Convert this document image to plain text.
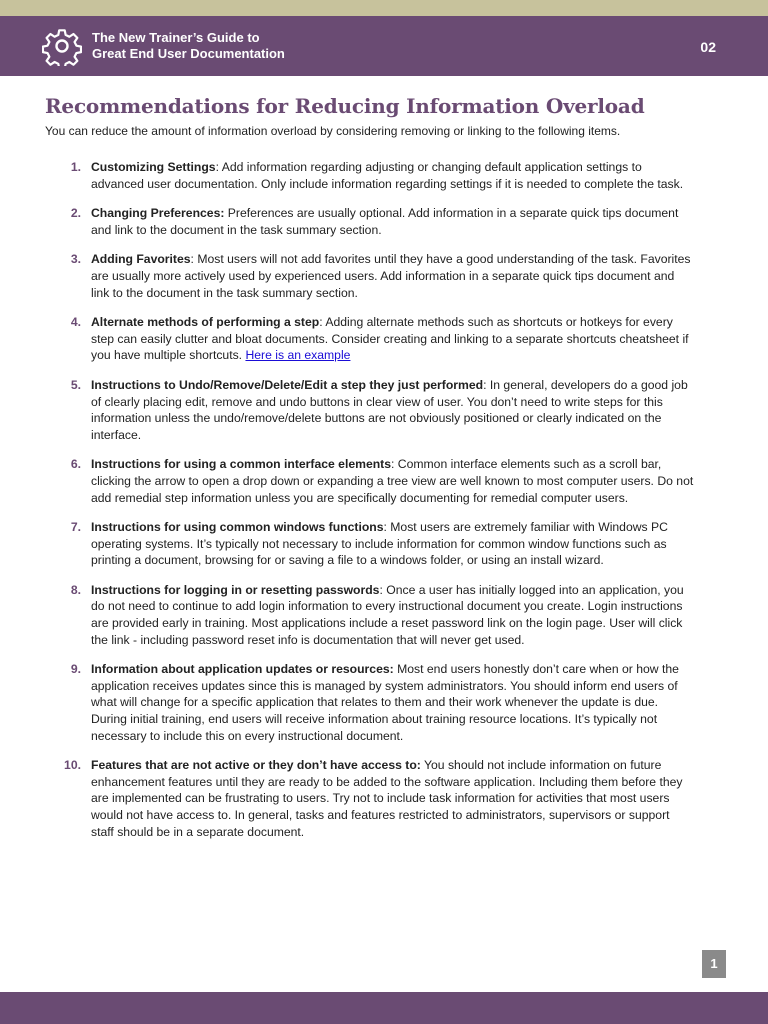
The New Trainer’s Guide to
Great End User Documentation	02
Recommendations for Reducing Information Overload

You can reduce the amount of information overload by considering removing or linking to the following items.

1. Customizing Settings: Add information regarding adjusting or changing default application settings to advanced user documentation. Only include information regarding settings if it is needed to complete the task.
2. Changing Preferences: Preferences are usually optional. Add information in a separate quick tips document and link to the document in the task summary section.
3. Adding Favorites: Most users will not add favorites until they have a good understanding of the task. Favorites are usually more actively used by experienced users. Add information in a separate quick tips document and link to the document in the task summary section.
4. Alternate methods of performing a step: Adding alternate methods such as shortcuts or hotkeys for every step can easily clutter and bloat documents. Consider creating and linking to a separate shortcuts cheatsheet if you have multiple shortcuts. Here is an example
5. Instructions to Undo/Remove/Delete/Edit a step they just performed: In general, developers do a good job of clearly placing edit, remove and undo buttons in clear view of user. You don’t need to write steps for this information unless the undo/remove/delete buttons are not obviously positioned or clearly indicated on the interface.
6. Instructions for using a common interface elements: Common interface elements such as a scroll bar, clicking the arrow to open a drop down or expanding a tree view are well known to most computer users. Do not add remedial step information unless you are specifically documenting for remedial computer users.
7. Instructions for using common windows functions: Most users are extremely familiar with Windows PC operating systems. It’s typically not necessary to include information for common window functions such as printing a document, browsing for or saving a file to a windows folder, or using an install wizard.
8. Instructions for logging in or resetting passwords: Once a user has initially logged into an application, you do not need to continue to add login information to every instructional document you create. Login instructions are provided early in training. Most applications include a reset password link on the login page. User will click the link - including password reset info is documentation that will never get used.
9. Information about application updates or resources: Most end users honestly don’t care when or how the application receives updates since this is managed by system administrators. You should inform end users of what will change for a specific application that relates to them and their work whenever the update is due. During initial training, end users will receive information about training resource locations. It’s typically not necessary to include this on every instructional document.
10. Features that are not active or they don’t have access to: You should not include information on future enhancement features until they are ready to be added to the software application. Including them before they are implemented can be frustrating to users. Try not to include task information for activities that most users would not have access to. In general, tasks and features restricted to administrators, supervisors or support staff should be in a separate document.
1
